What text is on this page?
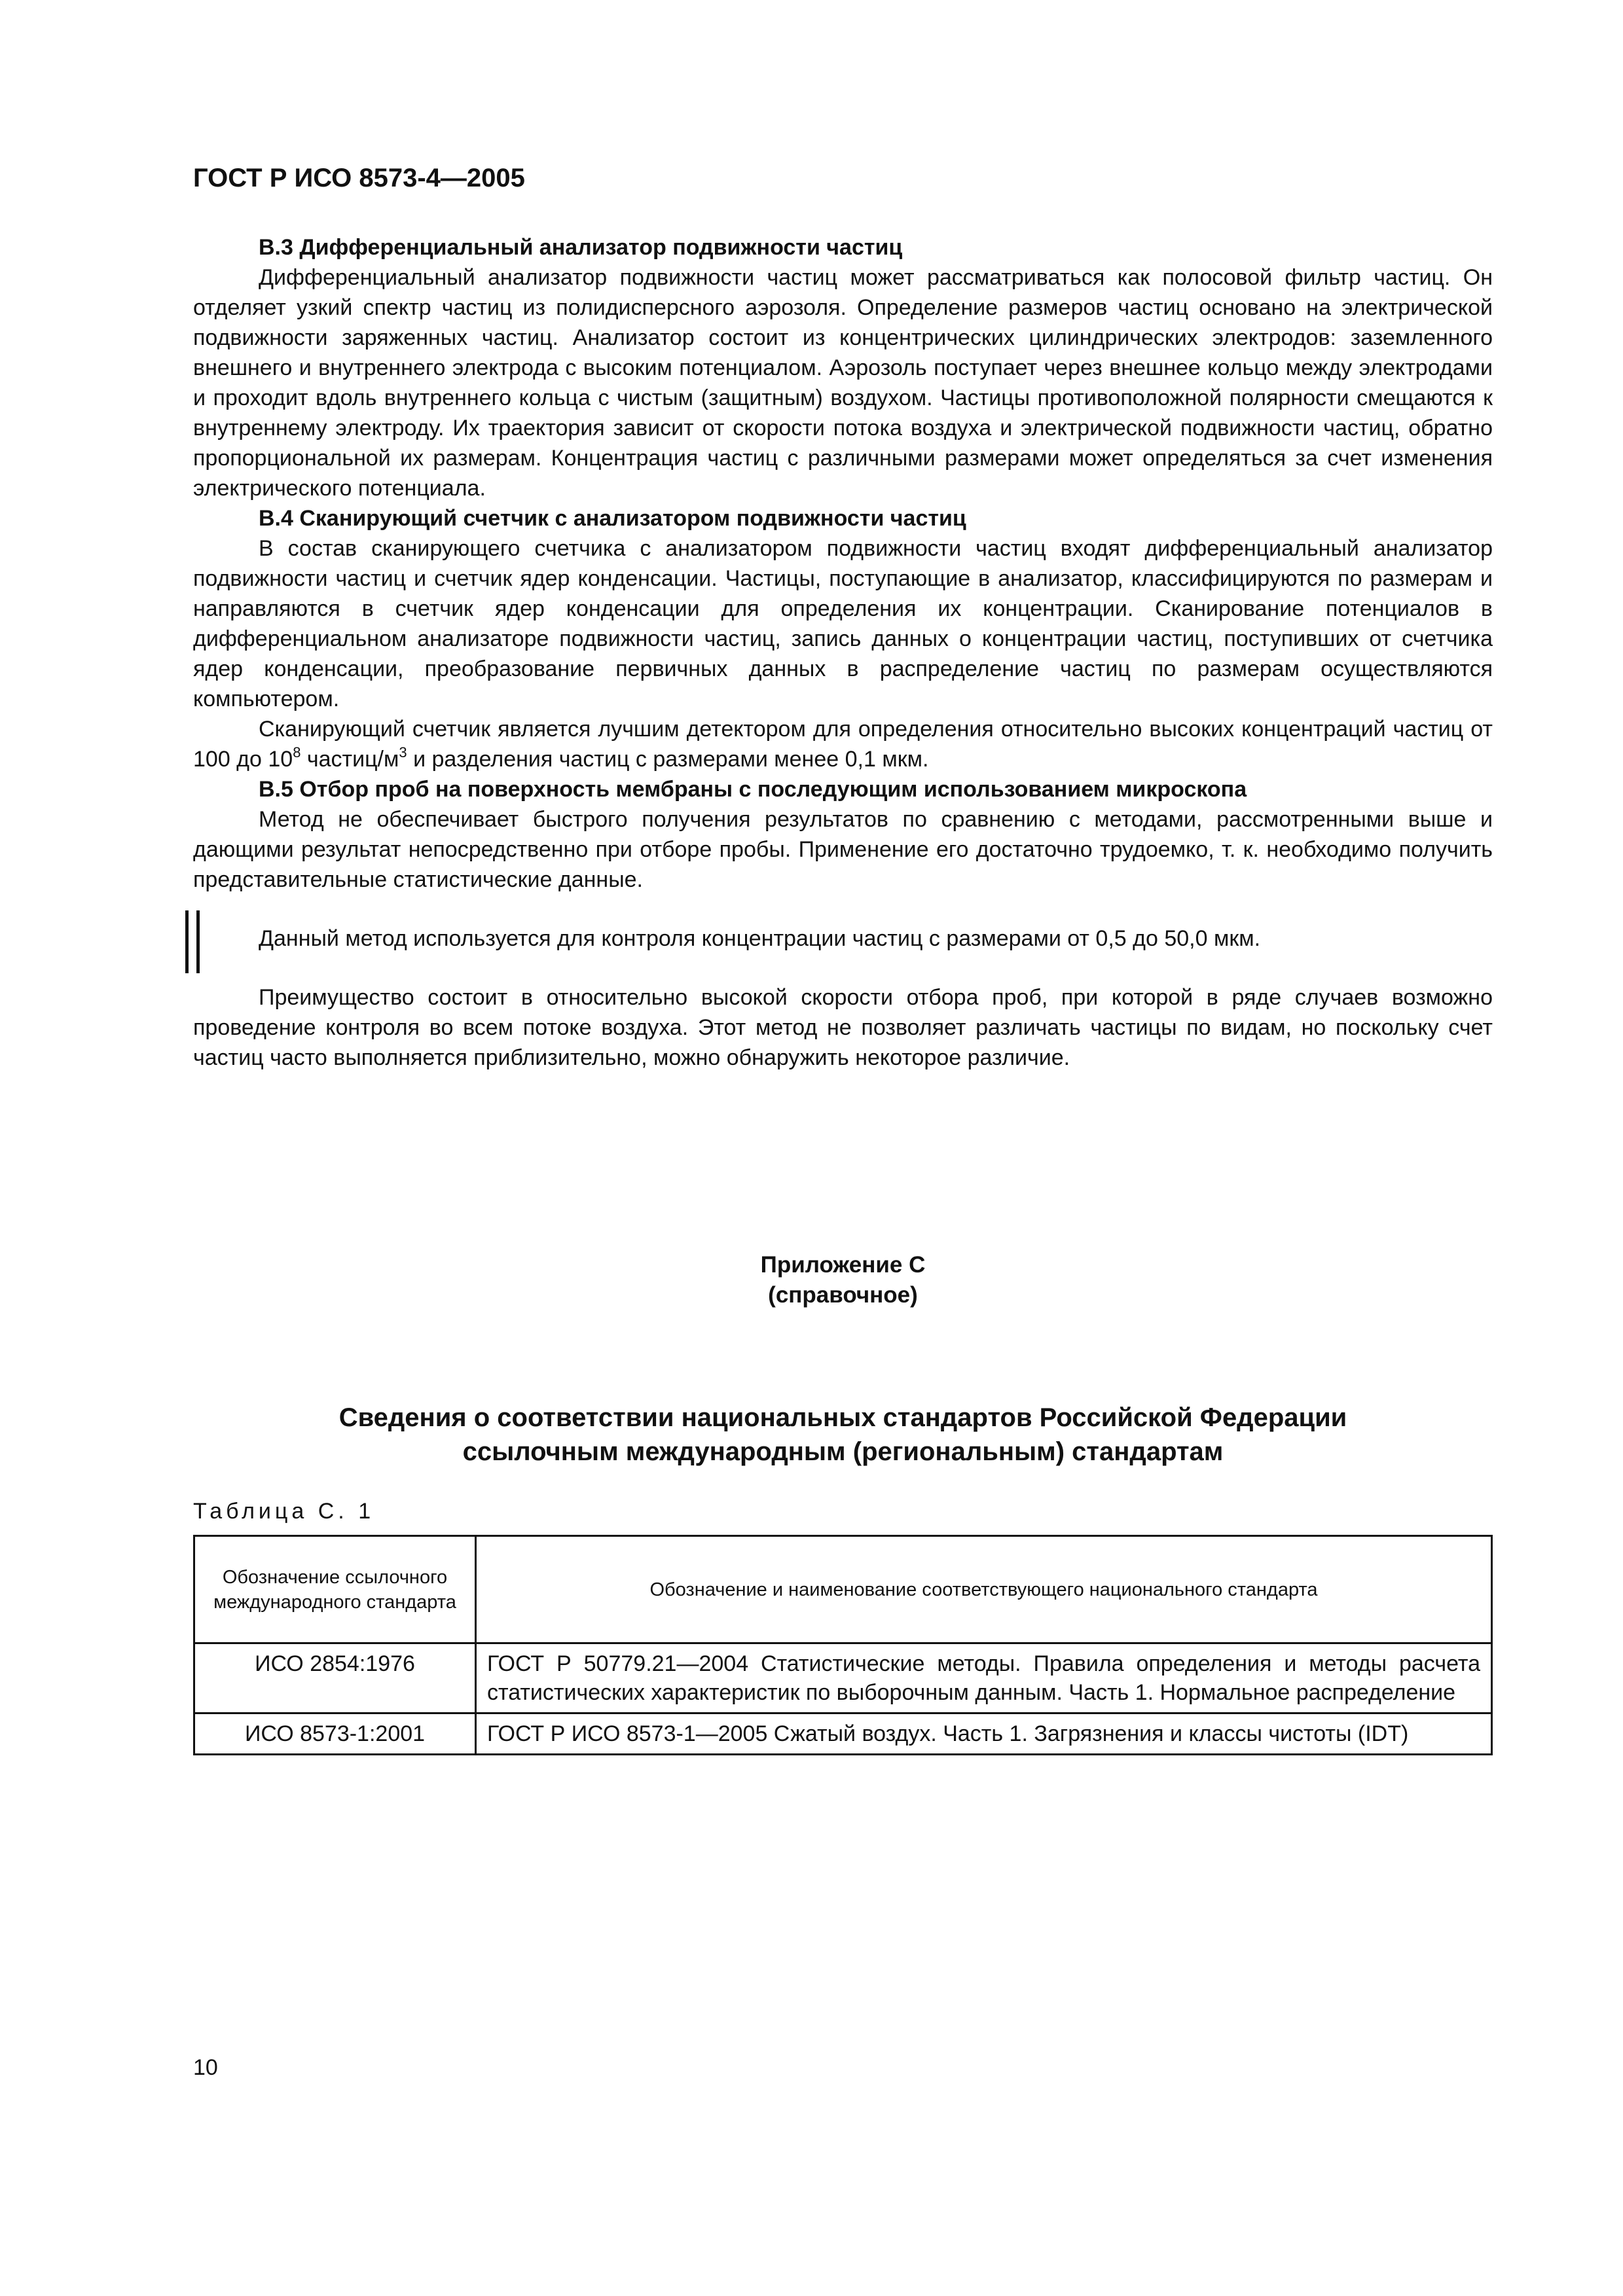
ГОСТ Р ИСО 8573-4—2005

В.3 Дифференциальный анализатор подвижности частиц

Дифференциальный анализатор подвижности частиц может рассматриваться как полосовой фильтр частиц. Он отделяет узкий спектр частиц из полидисперсного аэрозоля. Определение размеров частиц основано на электрической подвижности заряженных частиц. Анализатор состоит из концентрических цилиндрических электродов: заземленного внешнего и внутреннего электрода с высоким потенциалом. Аэрозоль поступает через внешнее кольцо между электродами и проходит вдоль внутреннего кольца с чистым (защитным) воздухом. Частицы противоположной полярности смещаются к внутреннему электроду. Их траектория зависит от скорости потока воздуха и электрической подвижности частиц, обратно пропорциональной их размерам. Концентрация частиц с различными размерами может определяться за счет изменения электрического потенциала.

В.4 Сканирующий счетчик с анализатором подвижности частиц

В состав сканирующего счетчика с анализатором подвижности частиц входят дифференциальный анализатор подвижности частиц и счетчик ядер конденсации. Частицы, поступающие в анализатор, классифицируются по размерам и направляются в счетчик ядер конденсации для определения их концентрации. Сканирование потенциалов в дифференциальном анализаторе подвижности частиц, запись данных о концентрации частиц, поступивших от счетчика ядер конденсации, преобразование первичных данных в распределение частиц по размерам осуществляются компьютером.

Сканирующий счетчик является лучшим детектором для определения относительно высоких концентраций частиц от 100 до $10^8$ частиц/$м^3$ и разделения частиц с размерами менее 0,1 мкм.

В.5 Отбор проб на поверхность мембраны с последующим использованием микроскопа

Метод не обеспечивает быстрого получения результатов по сравнению с методами, рассмотренными выше и дающими результат непосредственно при отборе пробы. Применение его достаточно трудоемко, т. к. необходимо получить представительные статистические данные.

Данный метод используется для контроля концентрации частиц с размерами от 0,5 до 50,0 мкм.

Преимущество состоит в относительно высокой скорости отбора проб, при которой в ряде случаев возможно проведение контроля во всем потоке воздуха. Этот метод не позволяет различать частицы по видам, но поскольку счет частиц часто выполняется приблизительно, можно обнаружить некоторое различие.

Приложение С
(справочное)
Сведения о соответствии национальных стандартов Российской Федерации
ссылочным международным (региональным) стандартам
Таблица С. 1
Обозначение ссылочного международного стандарта	Обозначение и наименование соответствующего национального стандарта
ИСО 2854:1976	ГОСТ Р 50779.21—2004 Статистические методы. Правила определения и методы расчета статистических характеристик по выборочным данным. Часть 1. Нормальное распределение
ИСО 8573-1:2001	ГОСТ Р ИСО 8573-1—2005 Сжатый воздух. Часть 1. Загрязнения и классы чистоты (IDT)
10
